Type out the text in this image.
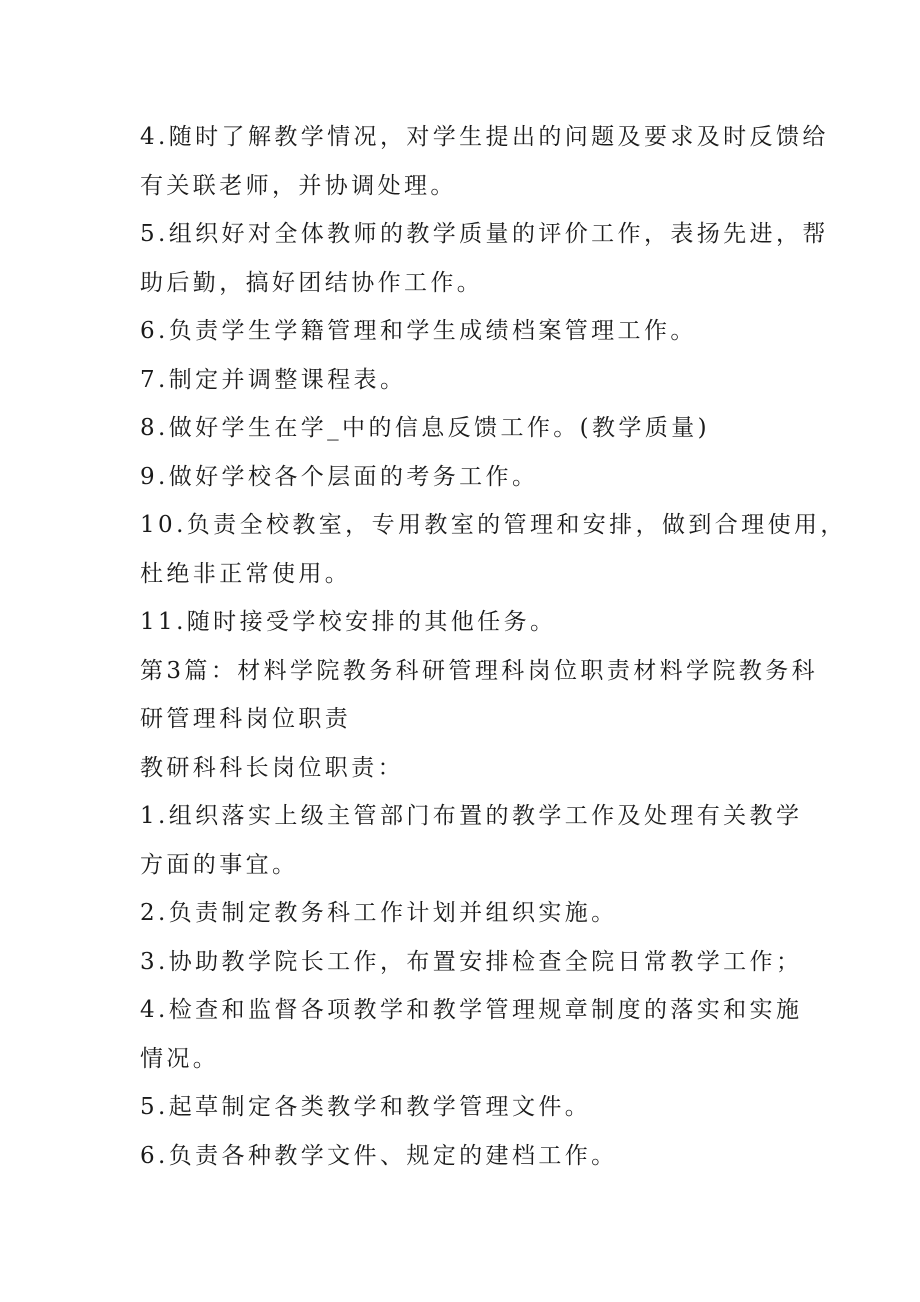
4.随时了解教学情况，对学生提出的问题及要求及时反馈给
有关联老师，并协调处理。
5.组织好对全体教师的教学质量的评价工作，表扬先进，帮
助后勤，搞好团结协作工作。
6.负责学生学籍管理和学生成绩档案管理工作。
7.制定并调整课程表。
8.做好学生在学_中的信息反馈工作。(教学质量)
9.做好学校各个层面的考务工作。
10.负责全校教室，专用教室的管理和安排，做到合理使用，
杜绝非正常使用。
11.随时接受学校安排的其他任务。
第3篇：材料学院教务科研管理科岗位职责材料学院教务科
研管理科岗位职责
教研科科长岗位职责：
1.组织落实上级主管部门布置的教学工作及处理有关教学
方面的事宜。
2.负责制定教务科工作计划并组织实施。
3.协助教学院长工作，布置安排检查全院日常教学工作；
4.检查和监督各项教学和教学管理规章制度的落实和实施
情况。
5.起草制定各类教学和教学管理文件。
6.负责各种教学文件、规定的建档工作。
